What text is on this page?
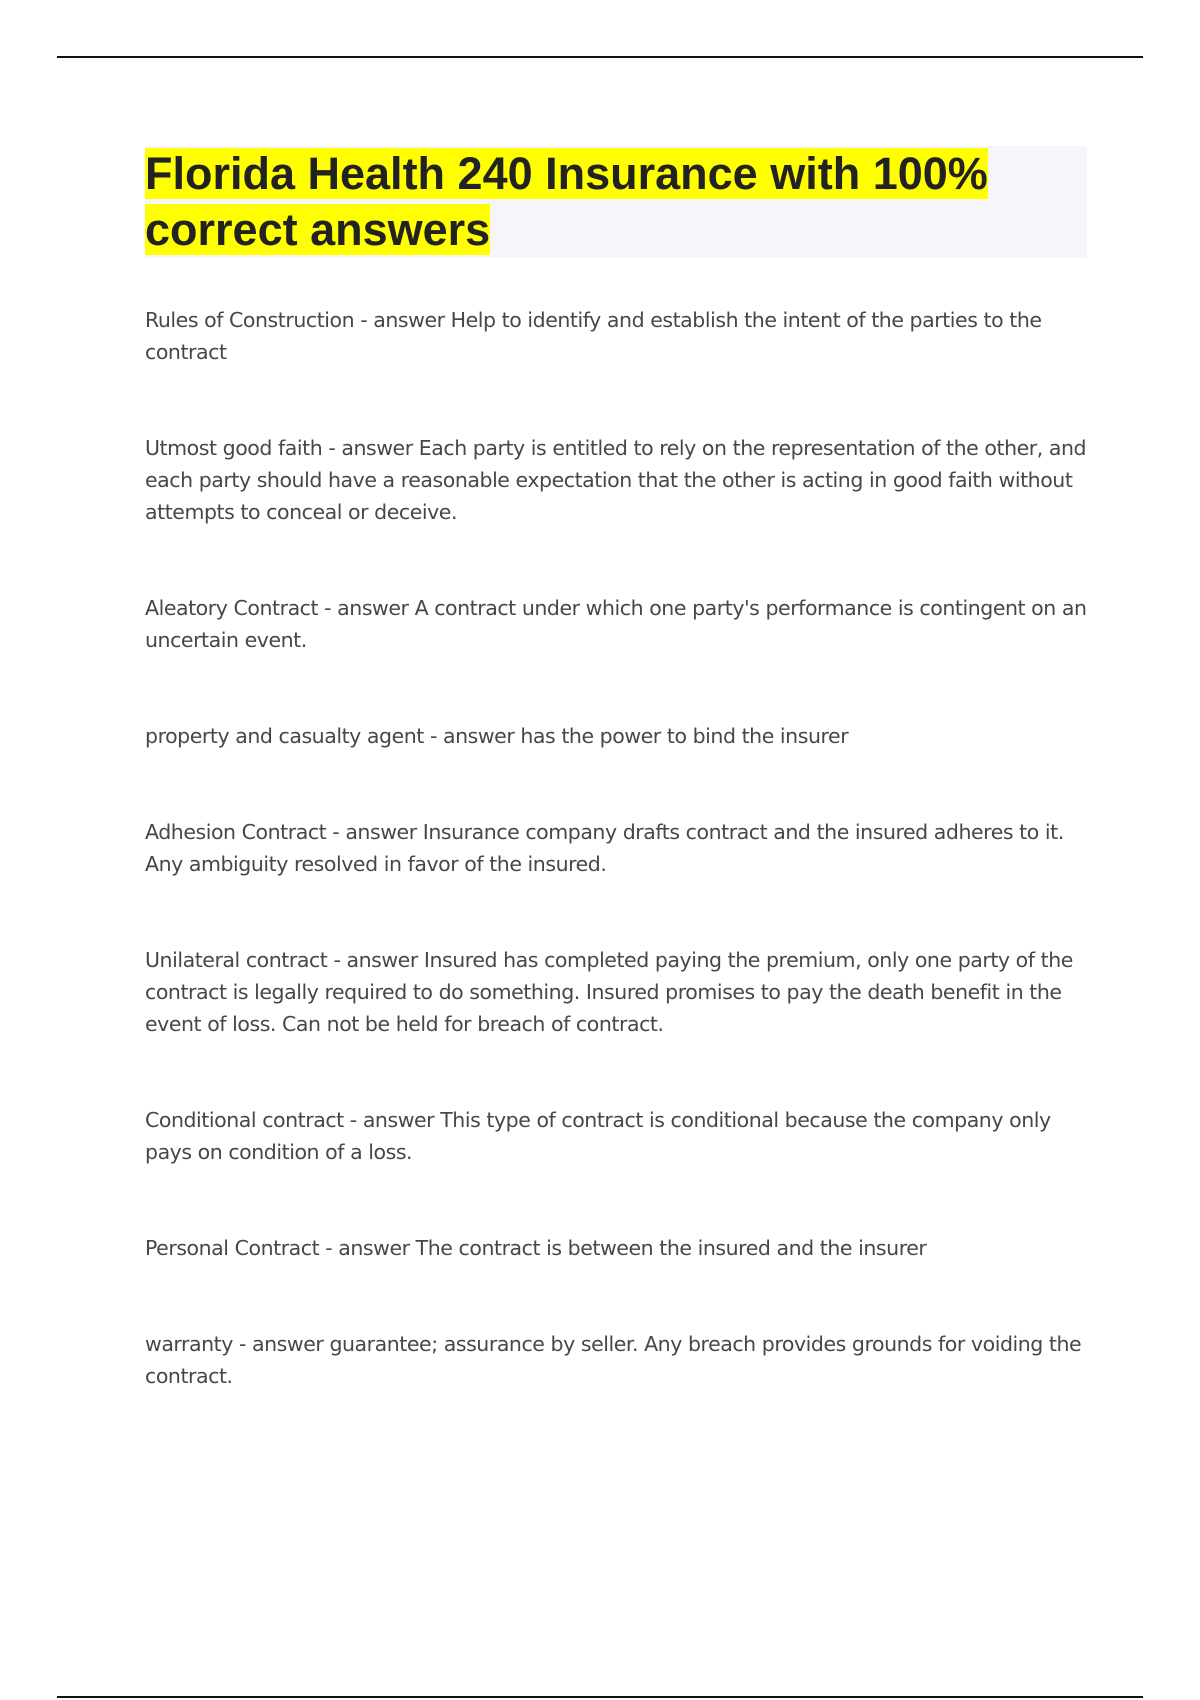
Florida Health 240 Insurance with 100% correct answers

Rules of Construction - answer Help to identify and establish the intent of the parties to the contract

Utmost good faith - answer Each party is entitled to rely on the representation of the other, and each party should have a reasonable expectation that the other is acting in good faith without attempts to conceal or deceive.

Aleatory Contract - answer A contract under which one party's performance is contingent on an uncertain event.

property and casualty agent - answer has the power to bind the insurer

Adhesion Contract - answer Insurance company drafts contract and the insured adheres to it. Any ambiguity resolved in favor of the insured.

Unilateral contract - answer Insured has completed paying the premium, only one party of the contract is legally required to do something. Insured promises to pay the death benefit in the event of loss. Can not be held for breach of contract.

Conditional contract - answer This type of contract is conditional because the company only pays on condition of a loss.

Personal Contract - answer The contract is between the insured and the insurer

warranty - answer guarantee; assurance by seller. Any breach provides grounds for voiding the contract.
